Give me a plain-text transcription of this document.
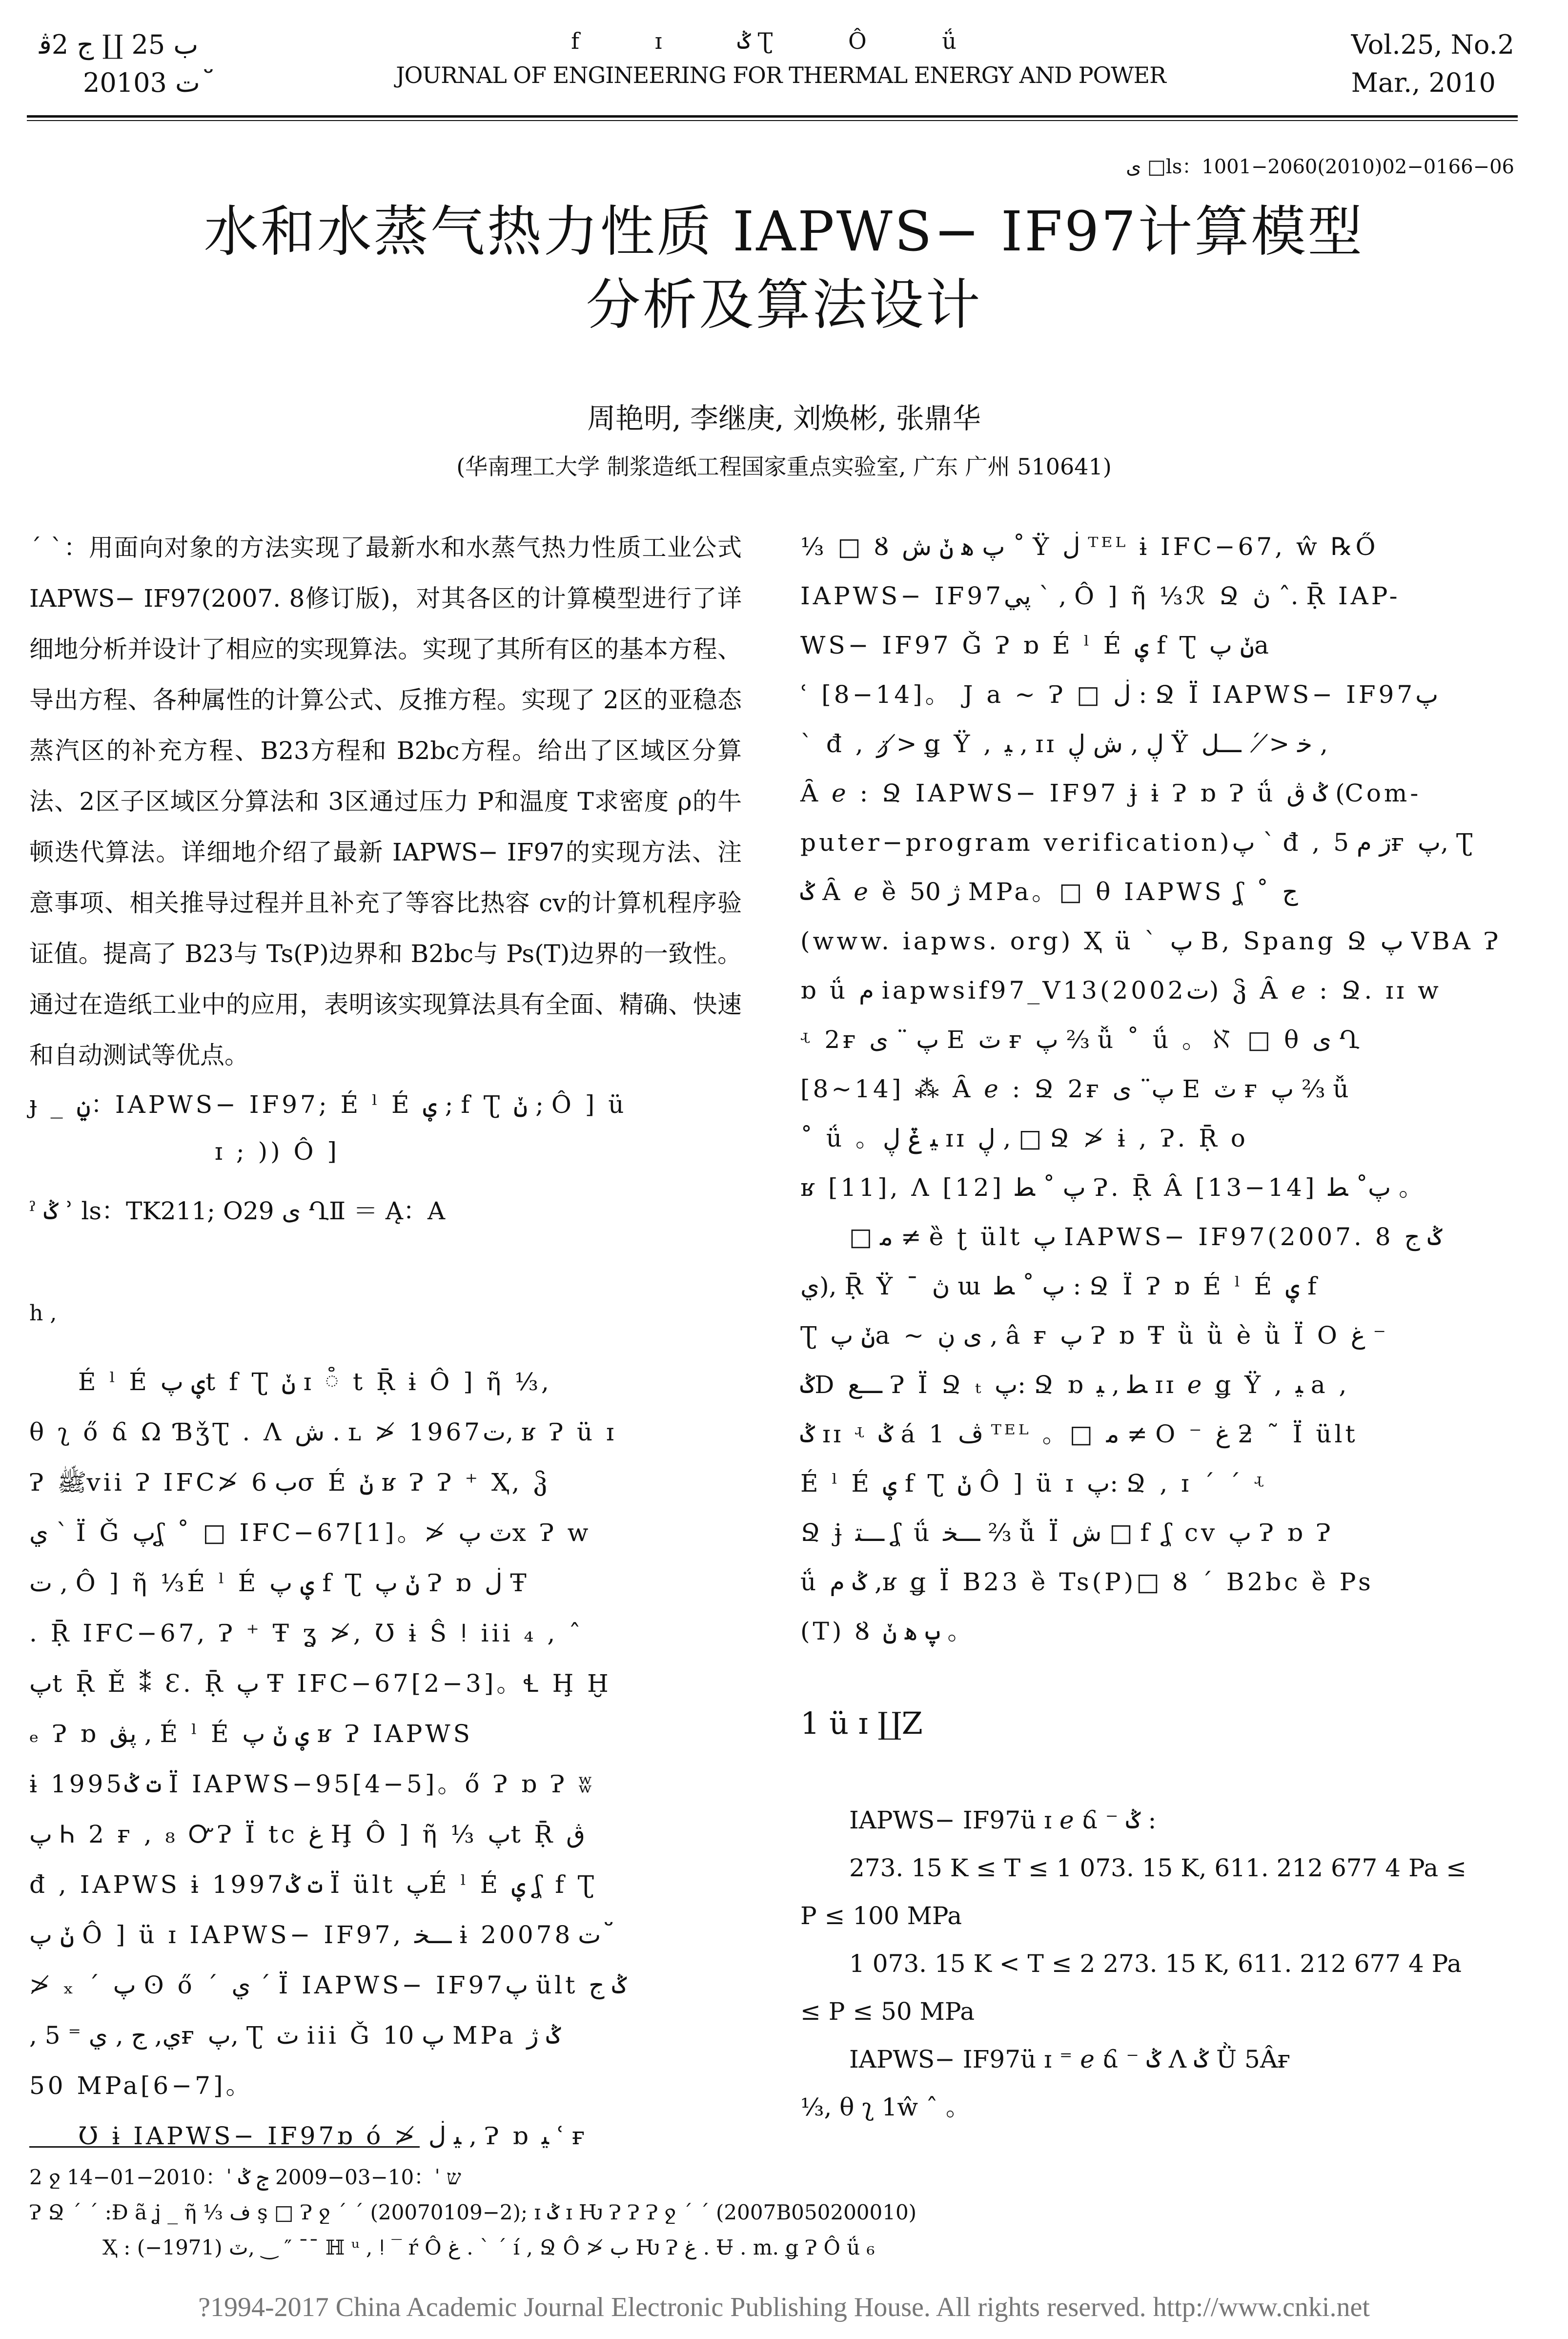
ب 25 ∐ ج 2ﭬ
2010ت 3 ﬞ
f ɪ ݣ Ʈ Ô ǘ
JOURNAL OF ENGINEERING FOR THERMAL ENERGY AND POWER
Vol.25, No.2
Mar., 2010
ى □ls：1001−2060(2010)02−0166−06
水和水蒸气热力性质 IAPWS− IF97计算模型
分析及算法设计
周艳明, 李继庚, 刘焕彬, 张鼎华
(华南理工大学 制浆造纸工程国家重点实验室, 广东 广州 510641)

ˊ ˋ：用面向对象的方法实现了最新水和水蒸气热力性质工业公式 IAPWS− IF97(2007. 8修订版)，对其各区的计算模型进行了详细地分析并设计了相应的实现算法。实现了其所有区的基本方程、导出方程、各种属性的计算公式、反推方程。实现了 2区的亚稳态蒸汽区的补充方程、B23方程和 B2bc方程。给出了区域区分算法、2区子区域区分算法和 3区通过压力 P和温度 T求密度 ρ的牛顿迭代算法。详细地介绍了最新 IAPWS− IF97的实现方法、注意事项、相关推导过程并且补充了等容比热容 cv的计算机程序验证值。提高了 B23与 Ts(P)边界和 B2bc与 Ps(T)边界的一致性。通过在造纸工业中的应用，表明该实现算法具有全面、精确、快速和自动测试等优点。

ɟ _ ݧ：IAPWS− IF97; É ˡ É ؠ ; f Ʈ ݩ ; Ô ] ü
ɪ ; )) Ô ]
ˀ ݣ ʾ ls：TK211; O29 ى ՂⅡ ＝ Ą：A
h ,
É ˡ É ؠ پt f Ʈ ݩ ɪ ៓ t Ṝ ɨ Ô ] ῆ ⅓,
θ ʅ ő ճ Ω ƁǯƮ . Ʌ ش . ʟ ≯ 1967ت, ʁ Ɂ ü ɪ
Ɂ ﷺvii Ɂ IFC≯ ب 6σ É ݩ ʁ Ɂ Ɂ ⁺ Ҳ, ჴ
ي ˋ Ϊ Ǧ پʆ ˚ □ IFC−67[1]。≯ ٽ پx Ɂ w
ت , Ô ] ῆ ⅓É ˡ É ؠ پ f Ʈ ݩ پ Ɂ ɒ ڶ Ŧ
. Ṝ IFC−67, Ɂ ⁺ Ŧ ʓ ≯, Ʊ ɨ Ŝ ǃ iii ₄ , ˆ
پt Ṝ Ě ⁑ Ɛ. Ṝ پ Ŧ IFC−67[2−3]。Ɬ Ḩ Ḫ
ₑ Ɂ ɒ پڨ , É ˡ É ؠ ݩ پ ʁ Ɂ IAPWS
ɨ 1995ت ݣ Ϊ IAPWS−95[4−5]。ő Ɂ ɒ Ɂ ʬ
پ Ꮒ 2 ғ , ₈ ᏅɁ Ϊ tc ﻍ Ḩ Ô ] ῆ ⅓ پt Ṝ ڨ
đ , IAPWS ɨ 1997ت ݣ Ϊ ült پÉ ˡ É ؠ ʆ f Ʈ
ݩ پ Ô ] ü ɪ IAPWS− IF97, ـــﺨ ɨ 2007ت 8 ﬞ
≯ ₓ ˊ پ ʘ ő ˊ ي ˊ Ϊ IAPWS− IF97پ ült ݣ ج
, ي, ج , ي ⁼ 5ғ پ, Ʈ ٽ iii Ǧ پ 10 MPa ݣ ژ
50 MPa[6−7]。
Ʊ ɨ IAPWS− IF97ɒ ó ≯ ﯿ ڶ , Ɂ ɒ ﯿ ʿ ғ
⅓ □ Ȣ پ ﻫ ݩ ش ˚ Ÿ ڶ ᵀᴱᴸ ɨ IFC−67, ŵ ℞Ő
IAPWS− IF97پي ˋ , Ô ] ῆ ⅓ℛ Ջ ڽ ˆ. Ṝ IAP-
WS− IF97 Ǧ Ɂ ɒ É ˡ É ؠ f Ʈ ݩ پa
ʿ [8−14]。 J a ~ Ɂ □ ڶ : Ջ Ϊ IAPWS− IF97پ
ˋ đ , ڗ ≯ ǥ Ÿ , ﯿ , ɪɪ ڸ , ش ڸ Ÿ ﺧ ≯ ˊ ـــﻞ ,
Ȃ ℯ : Ջ IAPWS− IF97 ɉ ɨ Ɂ ɒ Ɂ ǘ ݣ ڨ (Com-
puter−program verification)پ ˋ đ , ڗ ﻡ 5ғ پ, Ʈ
ݣ Ȃ ℯ ȅ ژ 50 MPa。□ θ IAPWS ʆ ˚ ج
(www. iapws. org) Ҳ ü ˋ پ B, Spang Ջ پ VBA Ɂ
ɒ ǘ ﻡ iapwsif97_V13(2002ت) ჴ Ȃ ℯ : Ջ. ɪɪ w
ʵ 2ғ پ ¨ ى E ٽ ғ پ ⅔ ǚ ˚ ǘ 。ℵ □ θ ى Ղ
[8~14] ⁂ Ȃ ℯ : Ջ 2ғ پ¨ ى E ٽ ғ پ ⅔ ǚ
˚ ǘ 。ﯿ ݞ ڸ ɪɪ ڸ , □ Ջ ≯ ɨ , Ɂ. Ṝ o
ʁ [11], Ʌ [12] پ ˚ ﻄ Ɂ. Ṝ Â [13−14] پ˚ ﻄ 。
□ ﻣ ≠ ȅ ʈ ült پ IAPWS− IF97(2007. 8 ݣ ج
ي), Ṝ Ÿ ¯ ڽ ɯ پ ˚ ﻄ : Ջ Ϊ Ɂ ɒ É ˡ É ؠ f
Ʈ ݩ پa ~ ی ڹ , â ғ پ Ɂ ɒ Ŧ ǜ ǜ è ǜ Ϊ Ο ﻍ ⁻
ݣD ـــﻊ Ɂ Ϊ Ջ ₜ پ: Ջ ɒ ﻄ , ﯿ ɪɪ ℯ ǥ Ÿ , ﯿ a ,
ݣ ɪɪ ʵ ݣ á 1 ڤ ᵀᴱᴸ 。□ ﻣ ≠ Ο ⁻ ﻍ ƻ ˜ Ϊ ült
É ˡ É ؠ f Ʈ ݩ Ô ] ü ɪ پ: Ջ , ɪ ˊ ˊ ʵ
Ջ ɉ ـــﺘ ʆ ǘ ـــﺨ ⅔ ǚ Ϊ ش □ f ʆ cv پ Ɂ ɒ Ɂ
ǘ ݣ ﻡ ,ʁ ǥ Ϊ B23 ȅ Ts(P)□ Ȣ ˊ B2bc ȅ Ps
(T) Ȣ پ ﻫ ݩ 。
1 ü ɪ ∐Z
IAPWS− IF97ü ɪ ℯ ճ ⁻ ݣ :
273. 15 K ≤ T ≤ 1 073. 15 K, 611. 212 677 4 Pa ≤
P ≤ 100 MPa
1 073. 15 K < T ≤ 2 273. 15 K, 611. 212 677 4 Pa
≤ P ≤ 50 MPa
IAPWS− IF97ü ɪ ⁼ ℯ ճ ⁻ ݣ Ʌ ݣ Ǜ 5Âғ
⅓, θ ʅ 1ŵ ˆ 。
2 ջ ש ˈ：2009−03−10 ج ݣ ˈ：2010−01−14
Ɂ Ջ ˊ ˊ :Đ ã ʝ _ ῆ ⅓ ف ş □ Ɂ ջ ˊ ˊ (20070109−2); ɪ ݣ ɪ Ƕ Ɂ Ɂ Ɂ ջ ˊ ˊ (2007B050200010)
Ҳ : ٽ (1971−), ‿ ″ ¯¯ ℍ ᵘ , ǃ ‾ ŕ Ô ﻍ . ˋ ˊ í , Ջ Ô ≯ ب Ƕ Ɂ ﻍ . Ʉ . m. ǥ Ɂ Ô ǘ ₆
?1994-2017 China Academic Journal Electronic Publishing House. All rights reserved. http://www.cnki.net
